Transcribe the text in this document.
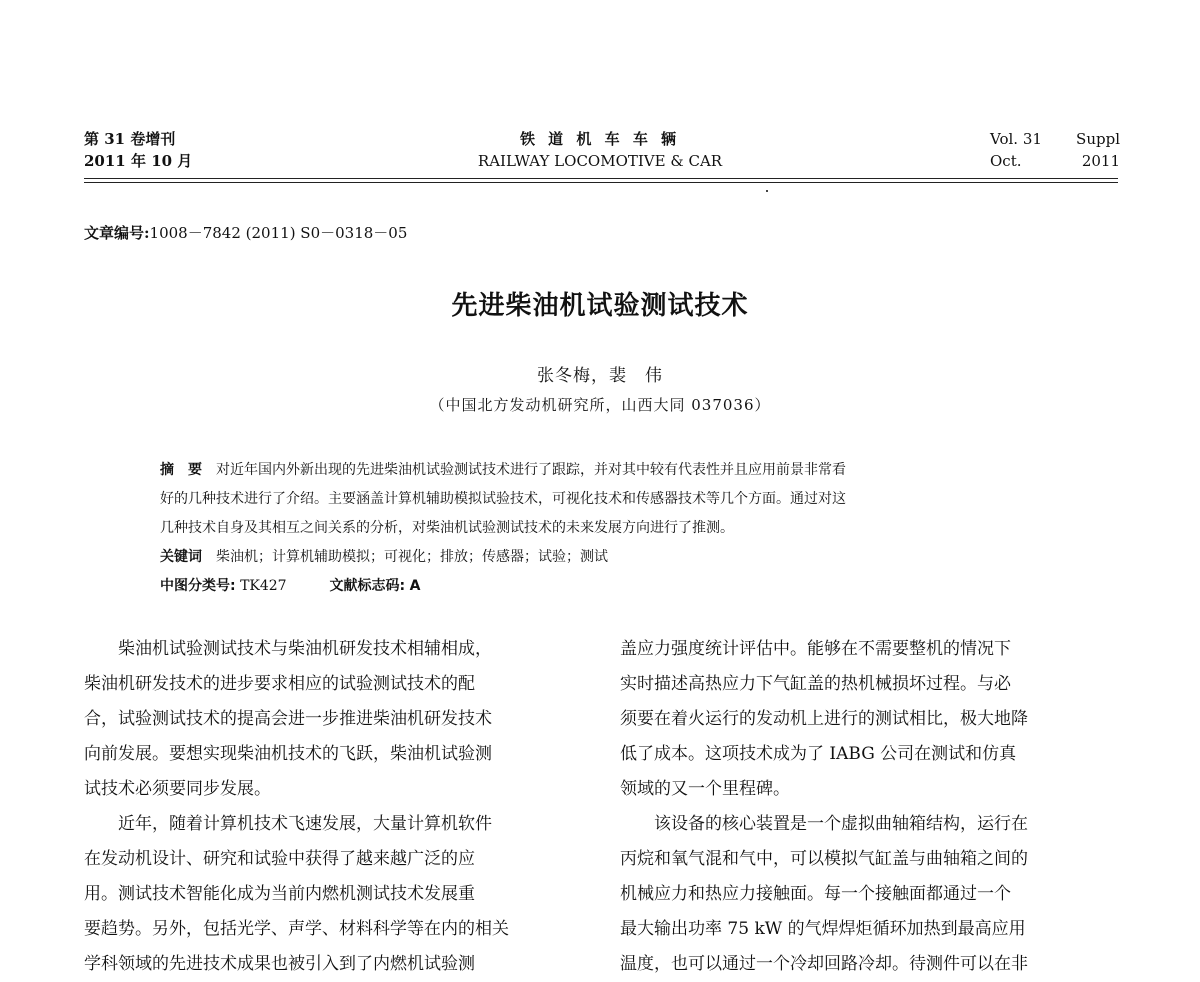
第 31 卷增刊
2011 年 10 月
铁 道 机 车 车 辆
RAILWAY LOCOMOTIVE & CAR
Vol. 31 Suppl
Oct.	2011
文章编号:1008－7842 (2011) S0－0318－05
先进柴油机试验测试技术
张冬梅，裴　伟
（中国北方发动机研究所，山西大同 037036）
摘　要　 对近年国内外新出现的先进柴油机试验测试技术进行了跟踪，并对其中较有代表性并且应用前景非常看
好的几种技术进行了介绍。主要涵盖计算机辅助模拟试验技术，可视化技术和传感器技术等几个方面。通过对这
几种技术自身及其相互之间关系的分析，对柴油机试验测试技术的未来发展方向进行了推测。
关键词　 柴油机；计算机辅助模拟；可视化；排放；传感器；试验；测试
中图分类号: TK427	文献标志码: A
　　柴油机试验测试技术与柴油机研发技术相辅相成，
柴油机研发技术的进步要求相应的试验测试技术的配
合，试验测试技术的提高会进一步推进柴油机研发技术
向前发展。要想实现柴油机技术的飞跃，柴油机试验测
试技术必须要同步发展。
　　近年，随着计算机技术飞速发展，大量计算机软件
在发动机设计、研究和试验中获得了越来越广泛的应
用。测试技术智能化成为当前内燃机测试技术发展重
要趋势。另外，包括光学、声学、材料科学等在内的相关
学科领域的先进技术成果也被引入到了内燃机试验测
盖应力强度统计评估中。能够在不需要整机的情况下
实时描述高热应力下气缸盖的热机械损坏过程。与必
须要在着火运行的发动机上进行的测试相比，极大地降
低了成本。这项技术成为了 IABG 公司在测试和仿真
领域的又一个里程碑。
　　该设备的核心装置是一个虚拟曲轴箱结构，运行在
丙烷和氧气混和气中，可以模拟气缸盖与曲轴箱之间的
机械应力和热应力接触面。每一个接触面都通过一个
最大输出功率 75 kW 的气焊焊炬循环加热到最高应用
温度，也可以通过一个冷却回路冷却。待测件可以在非
